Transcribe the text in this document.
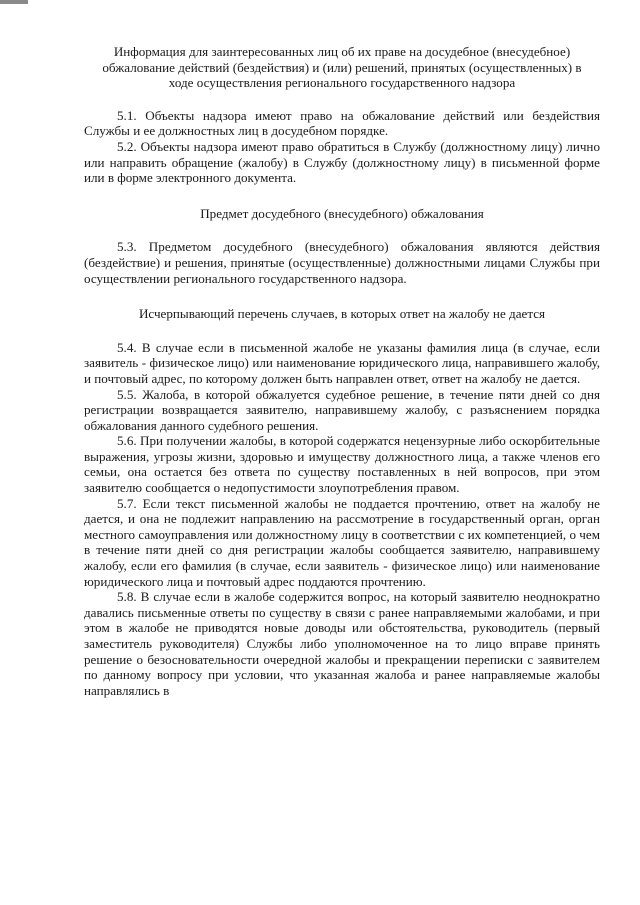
Информация для заинтересованных лиц об их праве на досудебное (внесудебное) обжалование действий (бездействия) и (или) решений, принятых (осуществленных) в ходе осуществления регионального государственного надзора

5.1. Объекты надзора имеют право на обжалование действий или бездействия Службы и ее должностных лиц в досудебном порядке.

5.2. Объекты надзора имеют право обратиться в Службу (должностному лицу) лично или направить обращение (жалобу) в Службу (должностному лицу) в письменной форме или в форме электронного документа.

Предмет досудебного (внесудебного) обжалования

5.3. Предметом досудебного (внесудебного) обжалования являются действия (бездействие) и решения, принятые (осуществленные) должностными лицами Службы при осуществлении регионального государственного надзора.

Исчерпывающий перечень случаев, в которых ответ на жалобу не дается

5.4. В случае если в письменной жалобе не указаны фамилия лица (в случае, если заявитель - физическое лицо) или наименование юридического лица, направившего жалобу, и почтовый адрес, по которому должен быть направлен ответ, ответ на жалобу не дается.

5.5. Жалоба, в которой обжалуется судебное решение, в течение пяти дней со дня регистрации возвращается заявителю, направившему жалобу, с разъяснением порядка обжалования данного судебного решения.

5.6. При получении жалобы, в которой содержатся нецензурные либо оскорбительные выражения, угрозы жизни, здоровью и имуществу должностного лица, а также членов его семьи, она остается без ответа по существу поставленных в ней вопросов, при этом заявителю сообщается о недопустимости злоупотребления правом.

5.7. Если текст письменной жалобы не поддается прочтению, ответ на жалобу не дается, и она не подлежит направлению на рассмотрение в государственный орган, орган местного самоуправления или должностному лицу в соответствии с их компетенцией, о чем в течение пяти дней со дня регистрации жалобы сообщается заявителю, направившему жалобу, если его фамилия (в случае, если заявитель - физическое лицо) или наименование юридического лица и почтовый адрес поддаются прочтению.

5.8. В случае если в жалобе содержится вопрос, на который заявителю неоднократно давались письменные ответы по существу в связи с ранее направляемыми жалобами, и при этом в жалобе не приводятся новые доводы или обстоятельства, руководитель (первый заместитель руководителя) Службы либо уполномоченное на то лицо вправе принять решение о безосновательности очередной жалобы и прекращении переписки с заявителем по данному вопросу при условии, что указанная жалоба и ранее направляемые жалобы направлялись в
